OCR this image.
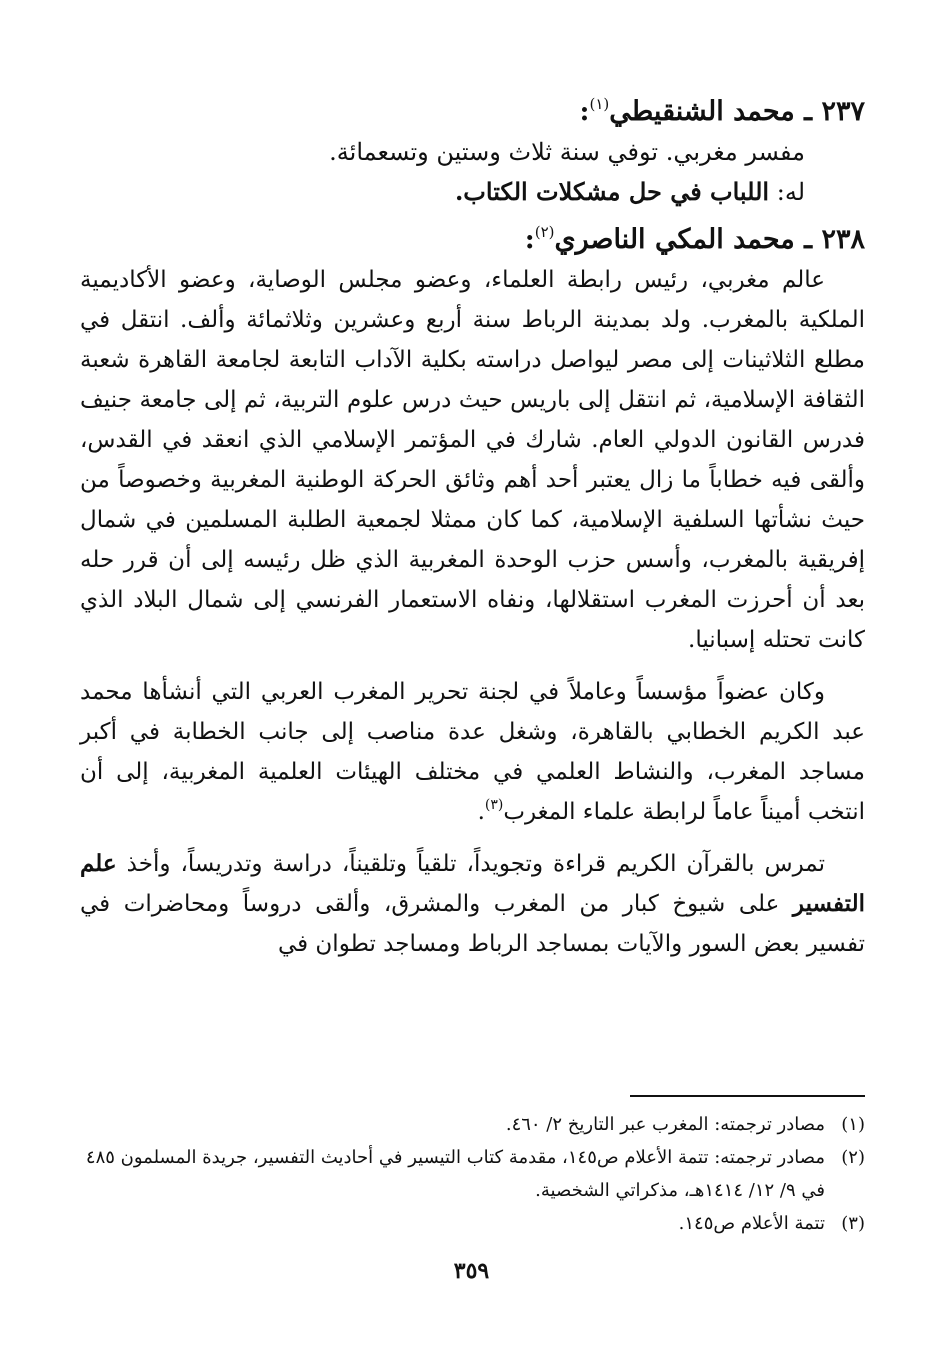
٢٣٧ ـ محمد الشنقيطي$^{(١)}$:

مفسر مغربي. توفي سنة ثلاث وستين وتسعمائة.

له: اللباب في حل مشكلات الكتاب.

٢٣٨ ـ محمد المكي الناصري$^{(٢)}$:

عالم مغربي، رئيس رابطة العلماء، وعضو مجلس الوصاية، وعضو الأكاديمية الملكية بالمغرب. ولد بمدينة الرباط سنة أربع وعشرين وثلاثمائة وألف. انتقل في مطلع الثلاثينات إلى مصر ليواصل دراسته بكلية الآداب التابعة لجامعة القاهرة شعبة الثقافة الإسلامية، ثم انتقل إلى باريس حيث درس علوم التربية، ثم إلى جامعة جنيف فدرس القانون الدولي العام. شارك في المؤتمر الإسلامي الذي انعقد في القدس، وألقى فيه خطاباً ما زال يعتبر أحد أهم وثائق الحركة الوطنية المغربية وخصوصاً من حيث نشأتها السلفية الإسلامية، كما كان ممثلا لجمعية الطلبة المسلمين في شمال إفريقية بالمغرب، وأسس حزب الوحدة المغربية الذي ظل رئيسه إلى أن قرر حله بعد أن أحرزت المغرب استقلالها، ونفاه الاستعمار الفرنسي إلى شمال البلاد الذي كانت تحتله إسبانيا.

وكان عضواً مؤسساً وعاملاً في لجنة تحرير المغرب العربي التي أنشأها محمد عبد الكريم الخطابي بالقاهرة، وشغل عدة مناصب إلى جانب الخطابة في أكبر مساجد المغرب، والنشاط العلمي في مختلف الهيئات العلمية المغربية، إلى أن انتخب أميناً عاماً لرابطة علماء المغرب$^{(٣)}$.

تمرس بالقرآن الكريم قراءة وتجويداً، تلقياً وتلقيناً، دراسة وتدريساً، وأخذ علم التفسير على شيوخ كبار من المغرب والمشرق، وألقى دروساً ومحاضرات في تفسير بعض السور والآيات بمساجد الرباط ومساجد تطوان في

(١)
مصادر ترجمته: المغرب عبر التاريخ ٢/ ٤٦٠.

(٢)
مصادر ترجمته: تتمة الأعلام ص١٤٥، مقدمة كتاب التيسير في أحاديث التفسير، جريدة المسلمون ٤٨٥ في ٩/ ١٢/ ١٤١٤هـ، مذكراتي الشخصية.

(٣)
تتمة الأعلام ص١٤٥.

٣٥٩
